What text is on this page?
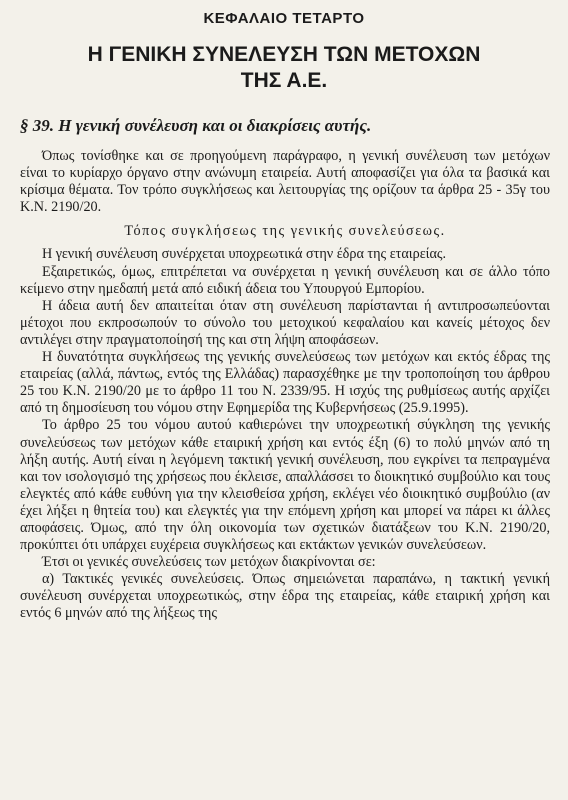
ΚΕΦΑΛΑΙΟ ΤΕΤΑΡΤΟ
Η ΓΕΝΙΚΗ ΣΥΝΕΛΕΥΣΗ ΤΩΝ ΜΕΤΟΧΩΝ
ΤΗΣ Α.Ε.
§ 39. Η γενική συνέλευση και οι διακρίσεις αυτής.

Όπως τονίσθηκε και σε προηγούμενη παράγραφο, η γενική συνέλευση των μετόχων είναι το κυρίαρχο όργανο στην ανώνυμη εταιρεία. Αυτή αποφασίζει για όλα τα βασικά και κρίσιμα θέματα. Τον τρόπο συγκλήσεως και λειτουργίας της ορίζουν τα άρθρα 25 - 35γ του Κ.Ν. 2190/20.

Τόπος συγκλήσεως της γενικής συνελεύσεως.

Η γενική συνέλευση συνέρχεται υποχρεωτικά στην έδρα της εταιρείας.

Εξαιρετικώς, όμως, επιτρέπεται να συνέρχεται η γενική συνέλευση και σε άλλο τόπο κείμενο στην ημεδαπή μετά από ειδική άδεια του Υπουργού Εμπορίου.

Η άδεια αυτή δεν απαιτείται όταν στη συνέλευση παρίστανται ή αντιπροσωπεύονται μέτοχοι που εκπροσωπούν το σύνολο του μετοχικού κεφαλαίου και κανείς μέτοχος δεν αντιλέγει στην πραγματοποίησή της και στη λήψη αποφάσεων.

Η δυνατότητα συγκλήσεως της γενικής συνελεύσεως των μετόχων και εκτός έδρας της εταιρείας (αλλά, πάντως, εντός της Ελλάδας) παρασχέθηκε με την τροποποίηση του άρθρου 25 του Κ.Ν. 2190/20 με το άρθρο 11 του Ν. 2339/95. Η ισχύς της ρυθμίσεως αυτής αρχίζει από τη δημοσίευση του νόμου στην Εφημερίδα της Κυβερνήσεως (25.9.1995).

Το άρθρο 25 του νόμου αυτού καθιερώνει την υποχρεωτική σύγκληση της γενικής συνελεύσεως των μετόχων κάθε εταιρική χρήση και εντός έξη (6) το πολύ μηνών από τη λήξη αυτής. Αυτή είναι η λεγόμενη τακτική γενική συνέλευση, που εγκρίνει τα πεπραγμένα και τον ισολογισμό της χρήσεως που έκλεισε, απαλλάσσει το διοικητικό συμβούλιο και τους ελεγκτές από κάθε ευθύνη για την κλεισθείσα χρήση, εκλέγει νέο διοικητικό συμβούλιο (αν έχει λήξει η θητεία του) και ελεγκτές για την επόμενη χρήση και μπορεί να πάρει κι άλλες αποφάσεις. Όμως, από την όλη οικονομία των σχετικών διατάξεων του Κ.Ν. 2190/20, προκύπτει ότι υπάρχει ευχέρεια συγκλήσεως και εκτάκτων γενικών συνελεύσεων.

Έτσι οι γενικές συνελεύσεις των μετόχων διακρίνονται σε:

α) Τακτικές γενικές συνελεύσεις. Όπως σημειώνεται παραπάνω, η τακτική γενική συνέλευση συνέρχεται υποχρεωτικώς, στην έδρα της εταιρείας, κάθε εταιρική χρήση και εντός 6 μηνών από της λήξεως της
